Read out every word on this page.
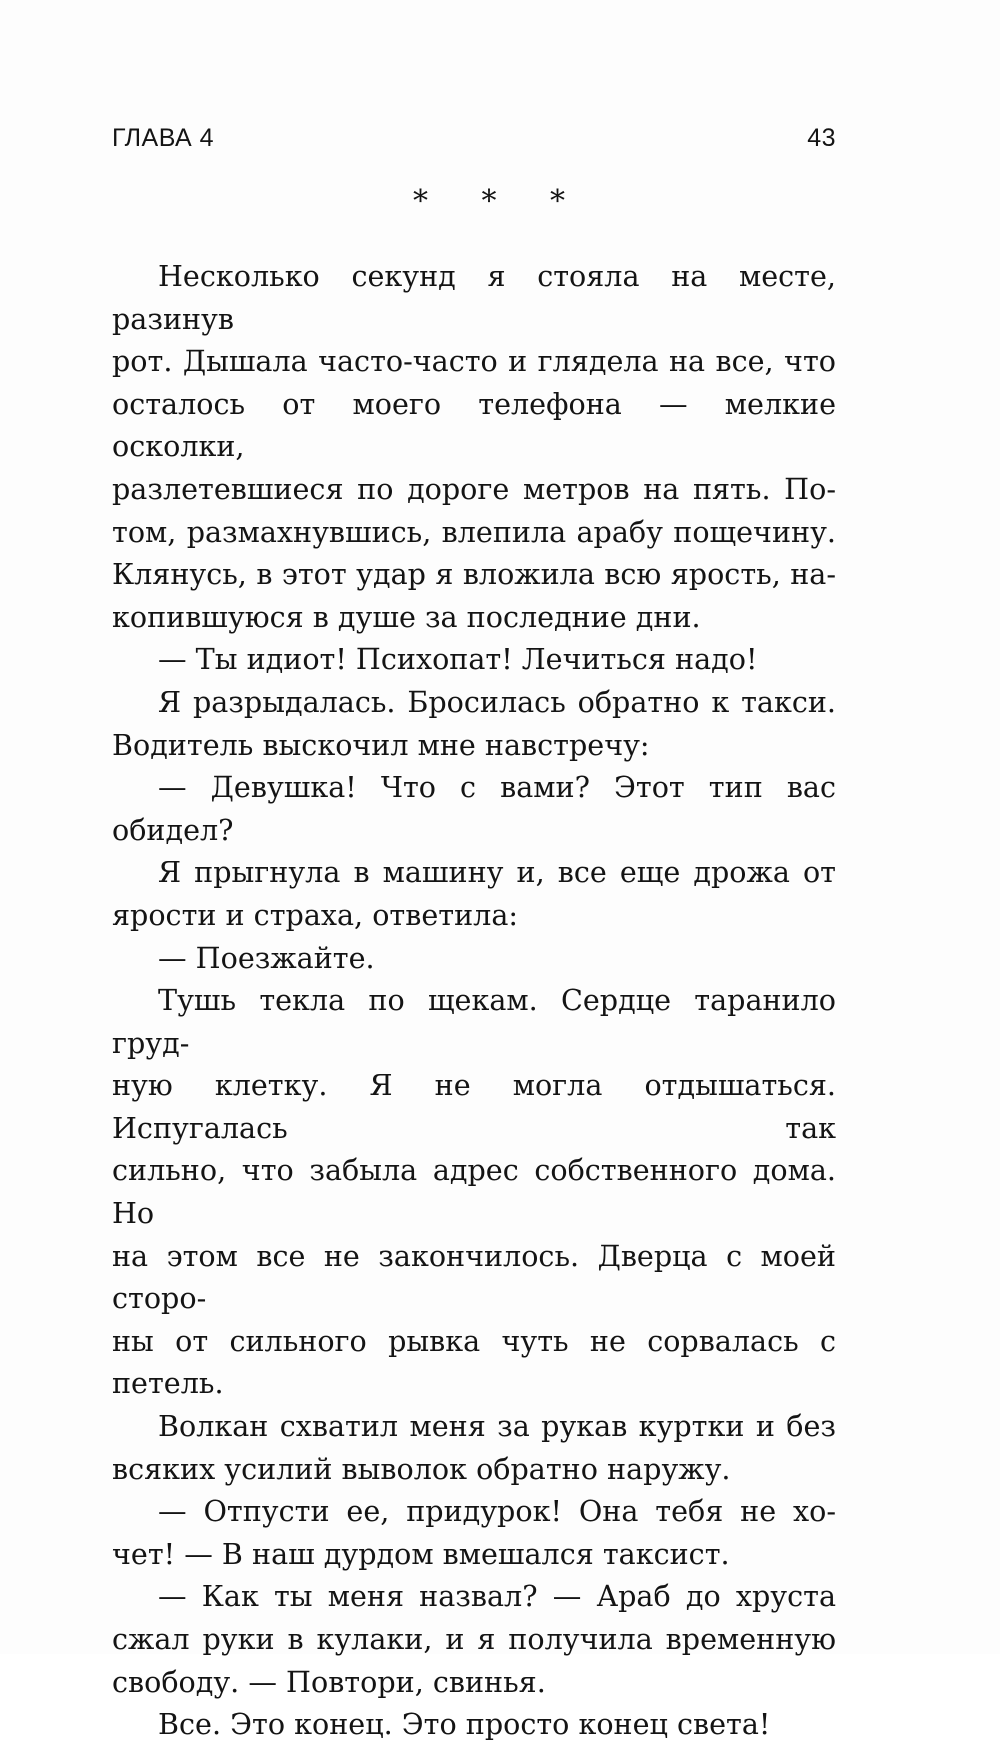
ГЛАВА 4	43
* * *
Несколько секунд я стояла на месте, разинув
рот. Дышала часто-часто и глядела на все, что
осталось от моего телефона — мелкие осколки,
разлетевшиеся по дороге метров на пять. По-
том, размахнувшись, влепила арабу пощечину.
Клянусь, в этот удар я вложила всю ярость, на-
копившуюся в душе за последние дни.
— Ты идиот! Психопат! Лечиться надо!
Я разрыдалась. Бросилась обратно к такси.
Водитель выскочил мне навстречу:
— Девушка! Что с вами? Этот тип вас обидел?
Я прыгнула в машину и, все еще дрожа от
ярости и страха, ответила:
— Поезжайте.
Тушь текла по щекам. Сердце таранило груд-
ную клетку. Я не могла отдышаться. Испугалась так
сильно, что забыла адрес собственного дома. Но
на этом все не закончилось. Дверца с моей сторо-
ны от сильного рывка чуть не сорвалась с петель.
Волкан схватил меня за рукав куртки и без
всяких усилий выволок обратно наружу.
— Отпусти ее, придурок! Она тебя не хо-
чет! — В наш дурдом вмешался таксист.
— Как ты меня назвал? — Араб до хруста
сжал руки в кулаки, и я получила временную
свободу. — Повтори, свинья.
Все. Это конец. Это просто конец света!
